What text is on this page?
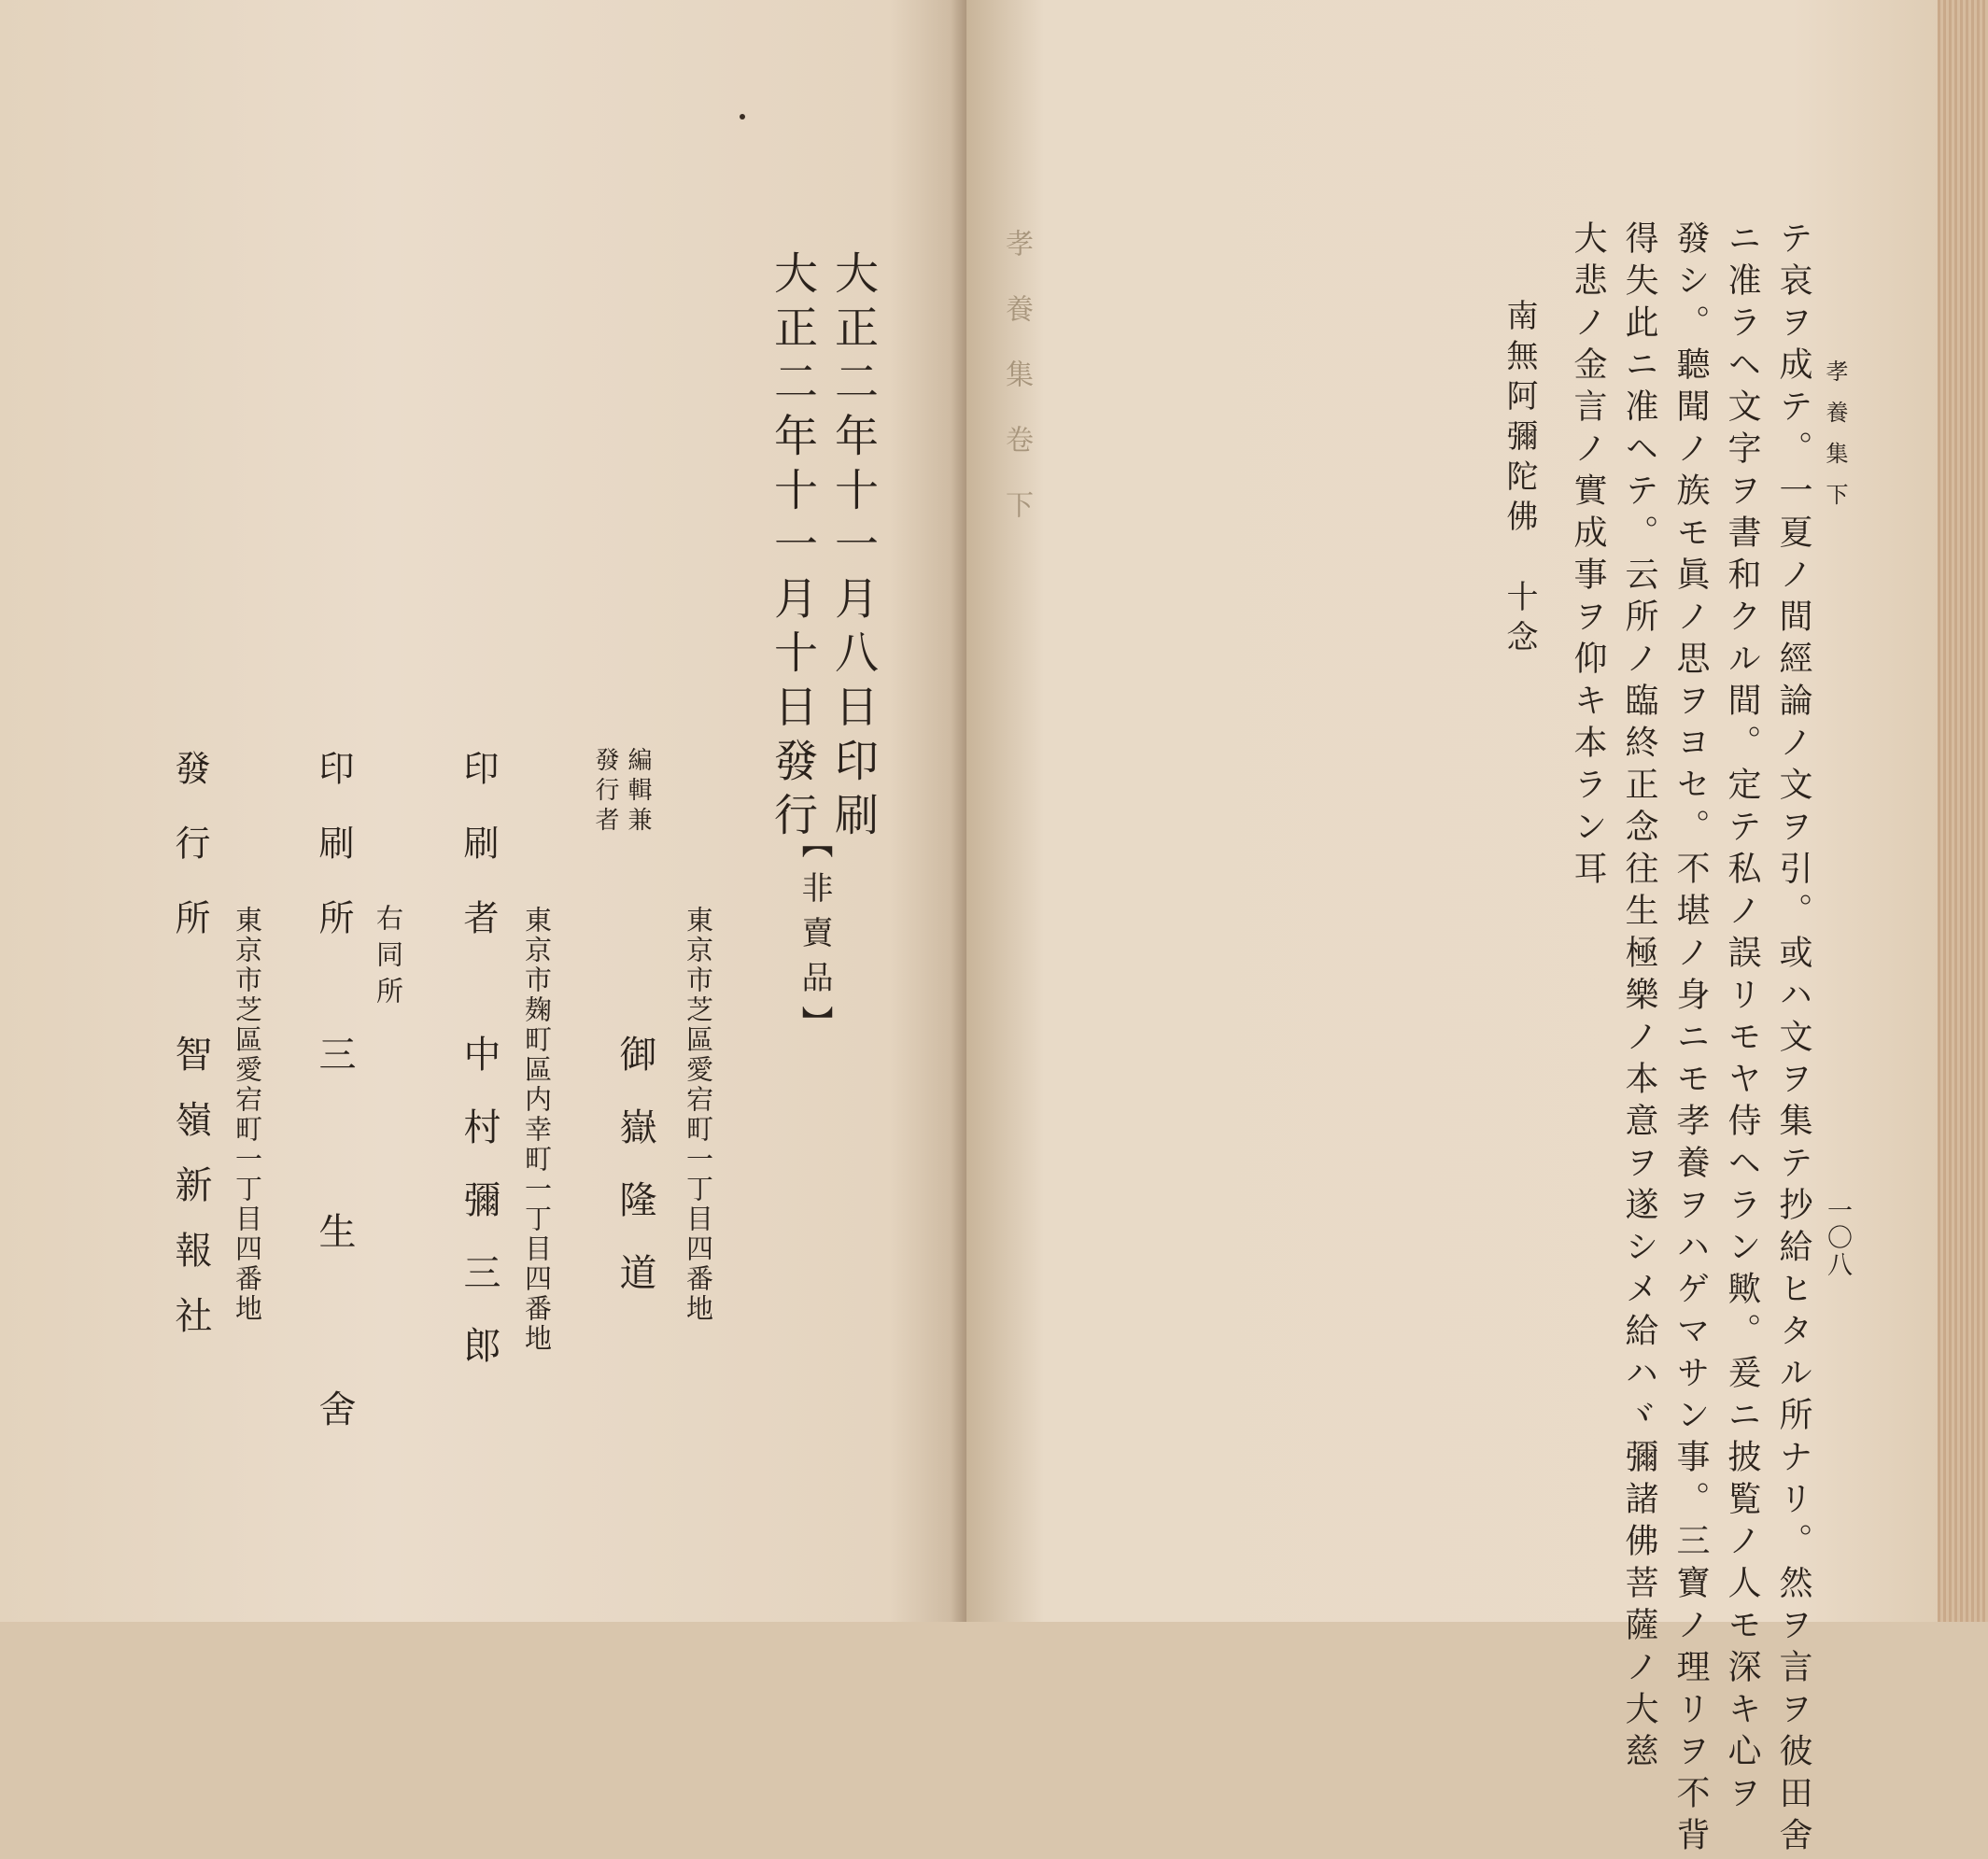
大正二年十一月八日印刷
大正二年十一月十日發行
【非賣品】
東京市芝區愛宕町一丁目四番地
編輯兼
發行者
御嶽隆道
東京市麹町區内幸町一丁目四番地
印刷者
中村彌三郎
右同所
印刷所
三生舍
東京市芝區愛宕町一丁目四番地
發行所
智嶺新報社
孝養集卷下	孝養集下
一〇八
テ哀ヲ成テ。一夏ノ間經論ノ文ヲ引。或ハ文ヲ集テ抄給ヒタル所ナリ。然ヲ言ヲ彼田舍
ニ准ラヘ文字ヲ書和クル間。定テ私ノ誤リモヤ侍ヘラン歟。爰ニ披覧ノ人モ深キ心ヲ
發シ。聽聞ノ族モ眞ノ思ヲヨセ。不堪ノ身ニモ孝養ヲハゲマサン事。三寶ノ理リヲ不背
得失此ニ准ヘテ。云所ノ臨終正念往生極樂ノ本意ヲ遂シメ給ハヾ彌諸佛菩薩ノ大慈
大悲ノ金言ノ實成事ヲ仰キ本ラン耳
南無阿彌陀佛　十念
